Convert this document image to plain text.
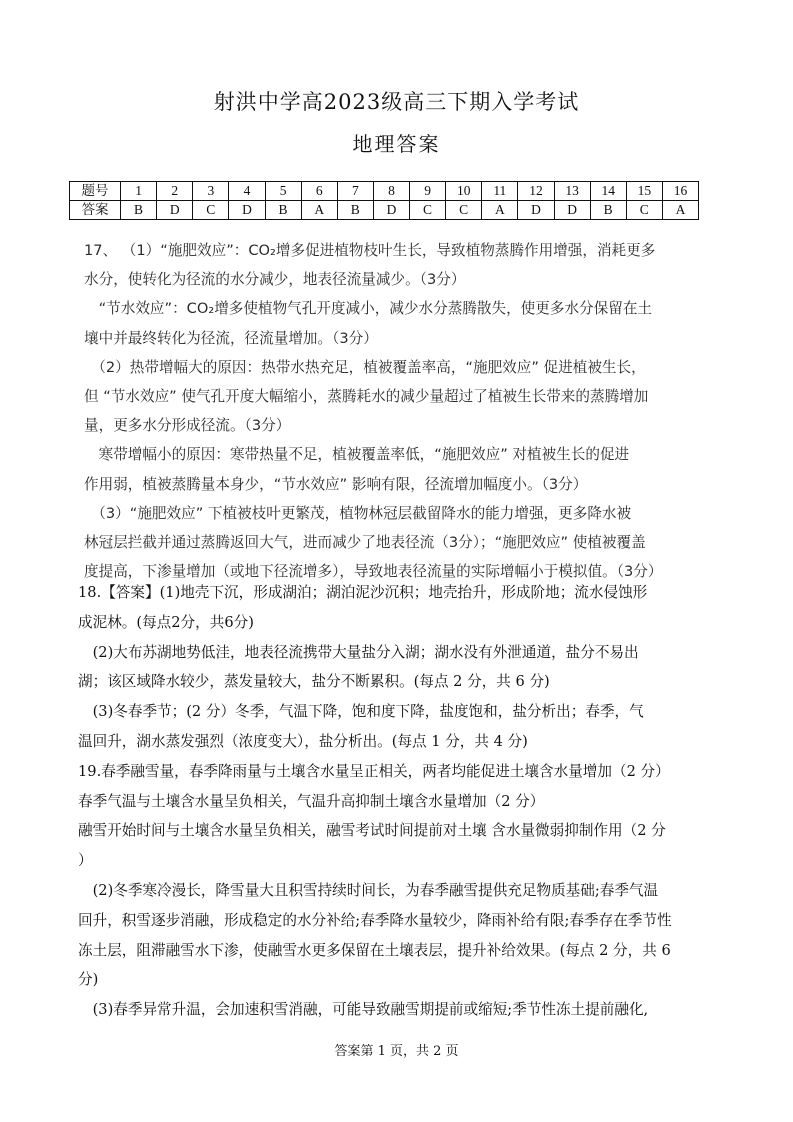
射洪中学高2023级高三下期入学考试
地理答案
题号	1	2	3	4	5	6	7	8	9	10	11	12	13	14	15	16
答案	B	D	C	D	B	A	B	D	C	C	A	D	D	B	C	A

17、 （1）“施肥效应”：CO₂增多促进植物枝叶生长，导致植物蒸腾作用增强，消耗更多

水分，使转化为径流的水分减少，地表径流量减少。（3分）

　“节水效应”：CO₂增多使植物气孔开度减小，减少水分蒸腾散失，使更多水分保留在土

壤中并最终转化为径流，径流量增加。（3分）

　（2）热带增幅大的原因：热带水热充足，植被覆盖率高，“施肥效应” 促进植被生长，

但 “节水效应” 使气孔开度大幅缩小，蒸腾耗水的减少量超过了植被生长带来的蒸腾增加

量，更多水分形成径流。（3分）

　寒带增幅小的原因：寒带热量不足，植被覆盖率低，“施肥效应” 对植被生长的促进

作用弱，植被蒸腾量本身少，“节水效应” 影响有限，径流增加幅度小。（3分）

　（3）“施肥效应” 下植被枝叶更繁茂，植物林冠层截留降水的能力增强，更多降水被

林冠层拦截并通过蒸腾返回大气，进而减少了地表径流（3分）；“施肥效应” 使植被覆盖

度提高，下渗量增加（或地下径流增多），导致地表径流量的实际增幅小于模拟值。（3分）

18.【答案】(1)地壳下沉，形成湖泊；湖泊泥沙沉积；地壳抬升，形成阶地；流水侵蚀形

成泥林。(每点2分，共6分)

　(2)大布苏湖地势低洼，地表径流携带大量盐分入湖；湖水没有外泄通道，盐分不易出

湖；该区域降水较少，蒸发量较大，盐分不断累积。(每点 2 分，共 6 分)

　(3)冬春季节；(2 分）冬季，气温下降，饱和度下降，盐度饱和，盐分析出；春季，气

温回升，湖水蒸发强烈（浓度变大），盐分析出。(每点 1 分，共 4 分)

19.春季融雪量，春季降雨量与土壤含水量呈正相关，两者均能促进土壤含水量增加（2 分）

春季气温与土壤含水量呈负相关，气温升高抑制土壤含水量增加（2 分）

融雪开始时间与土壤含水量呈负相关，融雪考试时间提前对土壤 含水量微弱抑制作用（2 分

）

　(2)冬季寒冷漫长，降雪量大且积雪持续时间长，为春季融雪提供充足物质基础;春季气温

回升，积雪逐步消融，形成稳定的水分补给;春季降水量较少，降雨补给有限;春季存在季节性

冻土层，阻滞融雪水下渗，使融雪水更多保留在土壤表层，提升补给效果。(每点 2 分，共 6

分)

　(3)春季异常升温，会加速积雪消融，可能导致融雪期提前或缩短;季节性冻土提前融化,

答案第 1 页，共 2 页
